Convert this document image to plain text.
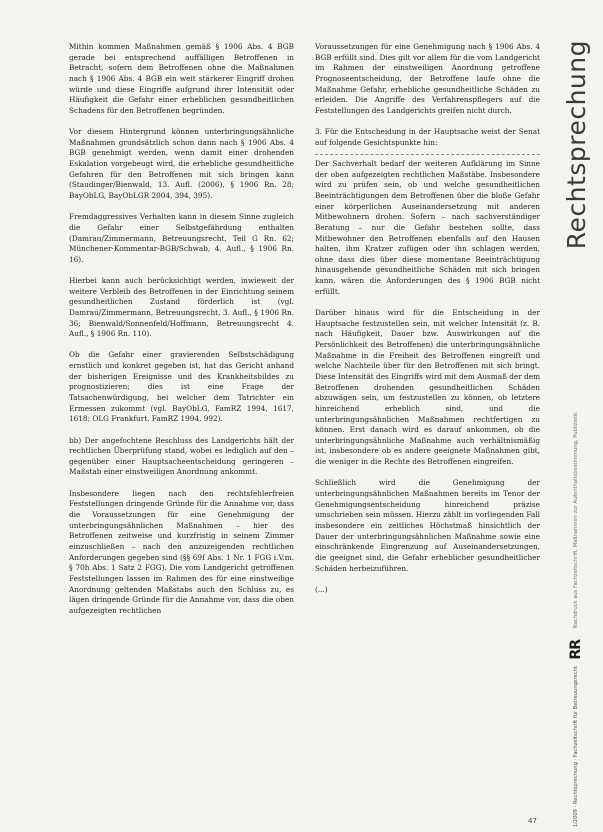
Mithin kommen Maßnahmen gemäß § 1906 Abs. 4 BGB gerade bei entsprechend auffälligen Betroffenen in Betracht, sofern dem Betroffenen ohne die Maßnahmen nach § 1906 Abs. 4 BGB ein weit stärkerer Eingriff drohen würde und diese Eingriffe aufgrund ihrer Intensität oder Häufigkeit die Gefahr einer erheblichen gesundheitlichen Schadens für den Betroffenen begründen.

Vor diesem Hintergrund können unterbringungsähnliche Maßnahmen grundsätzlich schon dann nach § 1906 Abs. 4 BGB genehmigt werden, wenn damit einer drohenden Eskalation vorgebeugt wird, die erhebliche gesundheitliche Gefahren für den Betroffenen mit sich bringen kann (Staudinger/Bienwald, 13. Aufl. (2006), § 1906 Rn. 28; BayObLG, BayObLGR 2004, 394, 395).

Fremdaggressives Verhalten kann in diesem Sinne zugleich die Gefahr einer Selbstgefährdung enthalten (Damrau/Zimmermann, Betreuungsrecht, Teil G Rn. 62; Münchener-Kommentar-BGB/Schwab, 4. Aufl., § 1906 Rn. 16).

Hierbei kann auch berücksichtigt werden, inwieweit der weitere Verbleib des Betroffenen in der Einrichtung seinem gesundheitlichen Zustand förderlich ist (vgl. Damrau/Zimmermann, Betreuungsrecht, 3. Aufl., § 1906 Rn. 36; Bienwald/Sonnenfeld/Hoffmann, Betreuungsrecht 4. Aufl., § 1906 Rn. 110).

Ob die Gefahr einer gravierenden Selbstschädigung ernstlich und konkret gegeben ist, hat das Gericht anhand der bisherigen Ereignisse und des Krankheitsbildes zu prognostizieren; dies ist eine Frage der Tatsachenwürdigung, bei welcher dem Tatrichter ein Ermessen zukommt (vgl. BayObLG, FamRZ 1994, 1617, 1618; OLG Frankfurt, FamRZ 1994, 992).

bb) Der angefochtene Beschluss des Landgerichts hält der rechtlichen Überprüfung stand, wobei es lediglich auf den – gegenüber einer Hauptsacheentscheidung geringeren – Maßstab einer einstweiligen Anordnung ankommt.

Insbesondere liegen nach den rechtsfehlerfreien Feststellungen dringende Gründe für die Annahme vor, dass die Voraussetzungen für eine Genehmigung der unterbringungsähnlichen Maßnahmen – hier des Betroffenen zeitweise und kurzfristig in seinem Zimmer einzuschließen – nach den anzuzeigenden rechtlichen Anforderungen gegeben sind (§§ 69f Abs. 1 Nr. 1 FGG i.V.m. § 70h Abs. 1 Satz 2 FGG). Die vom Landgericht getroffenen Feststellungen lassen im Rahmen des für eine einstweilige Anordnung geltenden Maßstabs auch den Schluss zu, es lägen dringende Gründe für die Annahme vor, dass die oben aufgezeigten rechtlichen

Voraussetzungen für eine Genehmigung nach § 1906 Abs. 4 BGB erfüllt sind. Dies gilt vor allem für die vom Landgericht im Rahmen der einstweiligen Anordnung getroffene Prognoseentscheidung, der Betroffene laufe ohne die Maßnahme Gefahr, erhebliche gesundheitliche Schäden zu erleiden. Die Angriffe des Verfahrenspflegers auf die Feststellungen des Landgerichts greifen nicht durch.

3. Für die Entscheidung in der Hauptsache weist der Senat auf folgende Gesichtspunkte hin:

Der Sachverhalt bedarf der weiteren Aufklärung im Sinne der oben aufgezeigten rechtlichen Maßstäbe. Insbesondere wird zu prüfen sein, ob und welche gesundheitlichen Beeinträchtigungen dem Betroffenen über die bloße Gefahr einer körperlichen Auseinandersetzung mit anderen Mitbewohnern drohen. Sofern – nach sachverständiger Beratung – nur die Gefahr bestehen sollte, dass Mitbewohner den Betroffenen ebenfalls auf den Hausen halten, ihm Kratzer zufügen oder ihn schlagen werden, ohne dass dies über diese momentane Beeinträchtigung hinausgehende gesundheitliche Schäden mit sich bringen kann, wären die Anforderungen des § 1906 BGB nicht erfüllt.

Darüber hinaus wird für die Entscheidung in der Hauptsache festzustellen sein, mit welcher Intensität (z. B. nach Häufigkeit, Dauer bzw. Auswirkungen auf die Persönlichkeit des Betroffenen) die unterbringungsähnliche Maßnahme in die Freiheit des Betroffenen eingreift und welche Nachteile über für den Betroffenen mit sich bringt. Diese Intensität des Eingriffs wird mit dem Ausmaß der dem Betroffenen drohenden gesundheitlichen Schäden abzuwägen sein, um festzustellen zu können, ob letztere hinreichend erheblich sind, und die unterbringungsähnlichen Maßnahmen rechtfertigen zu können. Erst danach wird es darauf ankommen, ob die unterbringungsähnliche Maßnahme auch verhältnismäßig ist, insbesondere ob es andere geeignete Maßnahmen gibt, die weniger in die Rechte des Betroffenen eingreifen.

Schließlich wird die Genehmigung der unterbringungsähnlichen Maßnahmen bereits im Tenor der Genehmigungsentscheidung hinreichend präzise umschrieben sein müssen. Hierzu zählt im vorliegenden Fall insbesondere ein zeitliches Höchstmaß hinsichtlich der Dauer der unterbringungsähnlichen Maßnahme sowie eine einschränkende Eingrenzung auf Auseinandersetzungen, die geeignet sind, die Gefahr erheblicher gesundheitlicher Schäden herbeizuführen.

(...)

Rechtsprechung
Nachdruck aus Fachzeitschrift, Maßnahmen zur Aufenthaltsbestimmung, Publizistik
RR
1/2009 · Rechtsprechung · Fachzeitschrift für Betreuungsrecht
47
